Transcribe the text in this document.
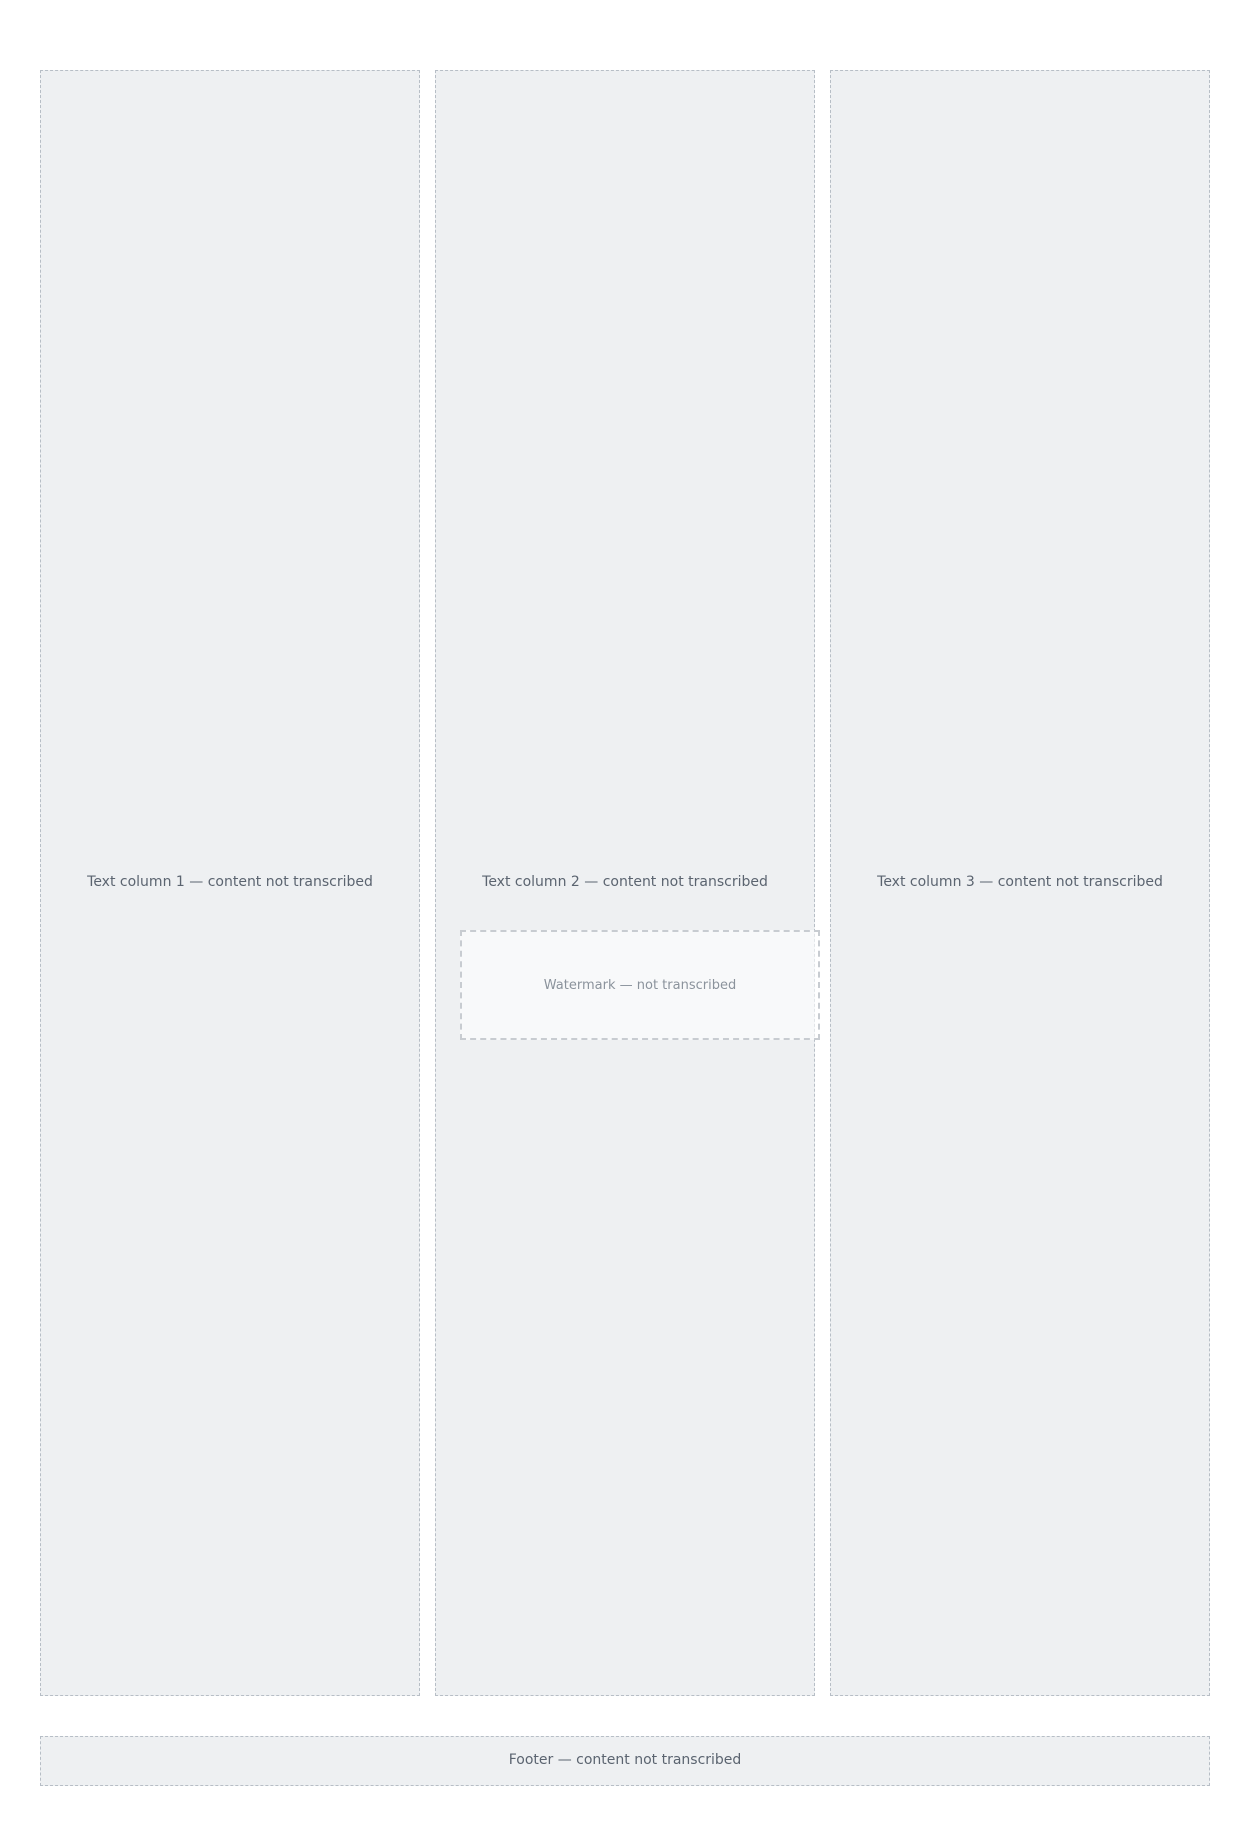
Text column 1 — content not transcribed	Text column 2 — content not transcribed	Text column 3 — content not transcribed
Watermark — not transcribed
Footer — content not transcribed
